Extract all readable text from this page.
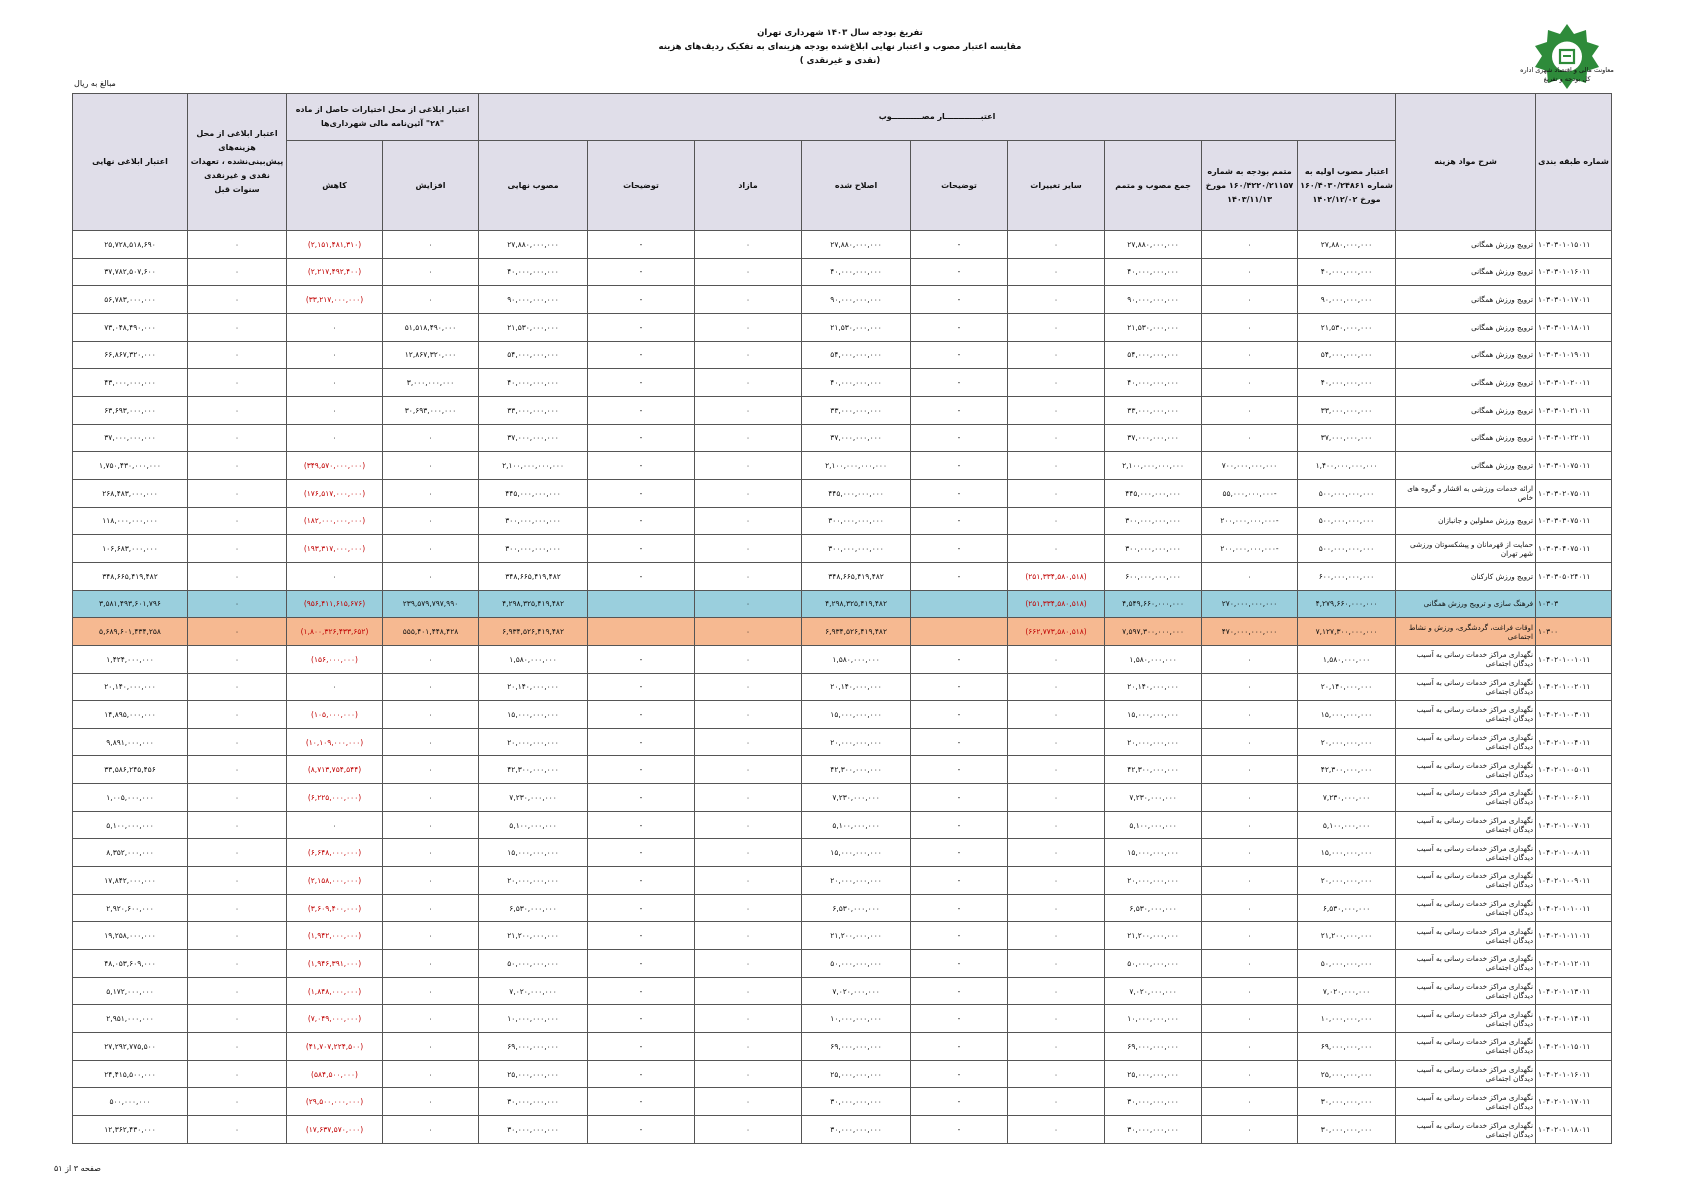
معاونت مالی و اقتصاد شهری اداره کل بودجه و تفریغ
تفریغ بودجه سال ۱۴۰۳ شهرداری تهران
مقایسه اعتبار مصوب و اعتبار نهایی ابلاغ‌شده بودجه هزینه‌ای به تفکیک ردیف‌های هزینه
(نقدی و غیرنقدی )
مبالغ به ریال
شماره طبقه بندی	شرح مواد هزینه	اعتبـــــــــــــار مصـــــــــــوب									اعتبار ابلاغی از محل اختیارات حاصل از ماده "۲۸" آئین‌نامه مالی شهرداری‌ها		اعتبار ابلاغی از محل هزینه‌های پیش‌بینی‌نشده ، تعهدات نقدی و غیرنقدی سنوات قبل	اعتبار ابلاغی نهایی
		اعتبار مصوب اولیه به شماره ۱۶۰/۴۰۳۰/۲۴۸۶۱ مورخ ۱۴۰۲/۱۲/۰۲	متمم بودجه به شماره ۱۶۰/۴۲۲۰/۲۱۱۵۷ مورخ ۱۴۰۳/۱۱/۱۳	جمع مصوب و متمم	سایر تغییرات	توضیحات	اصلاح شده	مازاد	توضیحات	مصوب نهایی	افزایش	کاهش		
۱۰۳۰۳۰۱۰۱۵۰۱۱	ترویج ورزش همگانی	۲۷,۸۸۰,۰۰۰,۰۰۰	۰	۲۷,۸۸۰,۰۰۰,۰۰۰	۰	-	۲۷,۸۸۰,۰۰۰,۰۰۰	۰	-	۲۷,۸۸۰,۰۰۰,۰۰۰	۰	(۲,۱۵۱,۴۸۱,۳۱۰)	۰	۲۵,۷۲۸,۵۱۸,۶۹۰
۱۰۳۰۳۰۱۰۱۶۰۱۱	ترویج ورزش همگانی	۴۰,۰۰۰,۰۰۰,۰۰۰	۰	۴۰,۰۰۰,۰۰۰,۰۰۰	۰	-	۴۰,۰۰۰,۰۰۰,۰۰۰	۰	-	۴۰,۰۰۰,۰۰۰,۰۰۰	۰	(۲,۲۱۷,۴۹۲,۴۰۰)	۰	۳۷,۷۸۲,۵۰۷,۶۰۰
۱۰۳۰۳۰۱۰۱۷۰۱۱	ترویج ورزش همگانی	۹۰,۰۰۰,۰۰۰,۰۰۰	۰	۹۰,۰۰۰,۰۰۰,۰۰۰	۰	-	۹۰,۰۰۰,۰۰۰,۰۰۰	۰	-	۹۰,۰۰۰,۰۰۰,۰۰۰	۰	(۳۳,۲۱۷,۰۰۰,۰۰۰)	۰	۵۶,۷۸۳,۰۰۰,۰۰۰
۱۰۳۰۳۰۱۰۱۸۰۱۱	ترویج ورزش همگانی	۲۱,۵۳۰,۰۰۰,۰۰۰	۰	۲۱,۵۳۰,۰۰۰,۰۰۰	۰	-	۲۱,۵۳۰,۰۰۰,۰۰۰	۰	-	۲۱,۵۳۰,۰۰۰,۰۰۰	۵۱,۵۱۸,۴۹۰,۰۰۰	۰	۰	۷۳,۰۴۸,۴۹۰,۰۰۰
۱۰۳۰۳۰۱۰۱۹۰۱۱	ترویج ورزش همگانی	۵۴,۰۰۰,۰۰۰,۰۰۰	۰	۵۴,۰۰۰,۰۰۰,۰۰۰	۰	-	۵۴,۰۰۰,۰۰۰,۰۰۰	۰	-	۵۴,۰۰۰,۰۰۰,۰۰۰	۱۲,۸۶۷,۳۲۰,۰۰۰	۰	۰	۶۶,۸۶۷,۳۲۰,۰۰۰
۱۰۳۰۳۰۱۰۲۰۰۱۱	ترویج ورزش همگانی	۴۰,۰۰۰,۰۰۰,۰۰۰	۰	۴۰,۰۰۰,۰۰۰,۰۰۰	۰	-	۴۰,۰۰۰,۰۰۰,۰۰۰	۰	-	۴۰,۰۰۰,۰۰۰,۰۰۰	۳,۰۰۰,۰۰۰,۰۰۰	۰	۰	۴۳,۰۰۰,۰۰۰,۰۰۰
۱۰۳۰۳۰۱۰۲۱۰۱۱	ترویج ورزش همگانی	۳۳,۰۰۰,۰۰۰,۰۰۰	۰	۳۳,۰۰۰,۰۰۰,۰۰۰	۰	-	۳۳,۰۰۰,۰۰۰,۰۰۰	۰	-	۳۳,۰۰۰,۰۰۰,۰۰۰	۳۰,۶۹۳,۰۰۰,۰۰۰	۰	۰	۶۳,۶۹۳,۰۰۰,۰۰۰
۱۰۳۰۳۰۱۰۲۲۰۱۱	ترویج ورزش همگانی	۳۷,۰۰۰,۰۰۰,۰۰۰	۰	۳۷,۰۰۰,۰۰۰,۰۰۰	۰	-	۳۷,۰۰۰,۰۰۰,۰۰۰	۰	-	۳۷,۰۰۰,۰۰۰,۰۰۰	۰	۰	۰	۳۷,۰۰۰,۰۰۰,۰۰۰
۱۰۳۰۳۰۱۰۷۵۰۱۱	ترویج ورزش همگانی	۱,۴۰۰,۰۰۰,۰۰۰,۰۰۰	۷۰۰,۰۰۰,۰۰۰,۰۰۰	۲,۱۰۰,۰۰۰,۰۰۰,۰۰۰	۰	-	۲,۱۰۰,۰۰۰,۰۰۰,۰۰۰	۰	-	۲,۱۰۰,۰۰۰,۰۰۰,۰۰۰	۰	(۳۴۹,۵۷۰,۰۰۰,۰۰۰)	۰	۱,۷۵۰,۴۳۰,۰۰۰,۰۰۰
۱۰۳۰۳۰۲۰۷۵۰۱۱	ارائه خدمات ورزشی به اقشار و گروه های خاص	۵۰۰,۰۰۰,۰۰۰,۰۰۰	-۵۵,۰۰۰,۰۰۰,۰۰۰	۴۴۵,۰۰۰,۰۰۰,۰۰۰	۰	-	۴۴۵,۰۰۰,۰۰۰,۰۰۰	۰	-	۴۴۵,۰۰۰,۰۰۰,۰۰۰	۰	(۱۷۶,۵۱۷,۰۰۰,۰۰۰)	۰	۲۶۸,۴۸۳,۰۰۰,۰۰۰
۱۰۳۰۳۰۳۰۷۵۰۱۱	ترویج ورزش معلولین و جانبازان	۵۰۰,۰۰۰,۰۰۰,۰۰۰	-۲۰۰,۰۰۰,۰۰۰,۰۰۰	۳۰۰,۰۰۰,۰۰۰,۰۰۰	۰	-	۳۰۰,۰۰۰,۰۰۰,۰۰۰	۰	-	۳۰۰,۰۰۰,۰۰۰,۰۰۰	۰	(۱۸۲,۰۰۰,۰۰۰,۰۰۰)	۰	۱۱۸,۰۰۰,۰۰۰,۰۰۰
۱۰۳۰۳۰۴۰۷۵۰۱۱	حمایت از قهرمانان و پیشکسوتان ورزشی شهر تهران	۵۰۰,۰۰۰,۰۰۰,۰۰۰	-۲۰۰,۰۰۰,۰۰۰,۰۰۰	۳۰۰,۰۰۰,۰۰۰,۰۰۰	۰	-	۳۰۰,۰۰۰,۰۰۰,۰۰۰	۰	-	۳۰۰,۰۰۰,۰۰۰,۰۰۰	۰	(۱۹۳,۳۱۷,۰۰۰,۰۰۰)	۰	۱۰۶,۶۸۳,۰۰۰,۰۰۰
۱۰۳۰۳۰۵۰۲۴۰۱۱	ترویج ورزش کارکنان	۶۰۰,۰۰۰,۰۰۰,۰۰۰	۰	۶۰۰,۰۰۰,۰۰۰,۰۰۰	(۲۵۱,۳۳۴,۵۸۰,۵۱۸)	-	۳۴۸,۶۶۵,۴۱۹,۴۸۲	۰	-	۳۴۸,۶۶۵,۴۱۹,۴۸۲	۰	۰	۰	۳۴۸,۶۶۵,۴۱۹,۴۸۲
۱۰۳۰۳	فرهنگ سازی و ترویج ورزش همگانی	۴,۲۷۹,۶۶۰,۰۰۰,۰۰۰	۲۷۰,۰۰۰,۰۰۰,۰۰۰	۴,۵۴۹,۶۶۰,۰۰۰,۰۰۰	(۲۵۱,۳۳۴,۵۸۰,۵۱۸)		۴,۲۹۸,۳۲۵,۴۱۹,۴۸۲	۰		۴,۲۹۸,۳۲۵,۴۱۹,۴۸۲	۲۳۹,۵۷۹,۷۹۷,۹۹۰	(۹۵۶,۴۱۱,۶۱۵,۶۷۶)	۰	۳,۵۸۱,۴۹۳,۶۰۱,۷۹۶
۱۰۳۰۰	اوقات فراغت، گردشگری، ورزش و نشاط اجتماعی	۷,۱۲۷,۳۰۰,۰۰۰,۰۰۰	۴۷۰,۰۰۰,۰۰۰,۰۰۰	۷,۵۹۷,۳۰۰,۰۰۰,۰۰۰	(۶۶۲,۷۷۳,۵۸۰,۵۱۸)		۶,۹۳۴,۵۲۶,۴۱۹,۴۸۲	۰		۶,۹۳۴,۵۲۶,۴۱۹,۴۸۲	۵۵۵,۴۰۱,۴۴۸,۴۲۸	(۱,۸۰۰,۳۲۶,۴۳۳,۶۵۲)	۰	۵,۶۸۹,۶۰۱,۴۳۴,۲۵۸
۱۰۴۰۲۰۱۰۰۱۰۱۱	نگهداری مراکز خدمات رسانی به آسیب دیدگان اجتماعی	۱,۵۸۰,۰۰۰,۰۰۰	۰	۱,۵۸۰,۰۰۰,۰۰۰	۰	-	۱,۵۸۰,۰۰۰,۰۰۰	۰	-	۱,۵۸۰,۰۰۰,۰۰۰	۰	(۱۵۶,۰۰۰,۰۰۰)	۰	۱,۴۲۴,۰۰۰,۰۰۰
۱۰۴۰۲۰۱۰۰۲۰۱۱	نگهداری مراکز خدمات رسانی به آسیب دیدگان اجتماعی	۲۰,۱۴۰,۰۰۰,۰۰۰	۰	۲۰,۱۴۰,۰۰۰,۰۰۰	۰	-	۲۰,۱۴۰,۰۰۰,۰۰۰	۰	-	۲۰,۱۴۰,۰۰۰,۰۰۰	۰	۰	۰	۲۰,۱۴۰,۰۰۰,۰۰۰
۱۰۴۰۲۰۱۰۰۳۰۱۱	نگهداری مراکز خدمات رسانی به آسیب دیدگان اجتماعی	۱۵,۰۰۰,۰۰۰,۰۰۰	۰	۱۵,۰۰۰,۰۰۰,۰۰۰	۰	-	۱۵,۰۰۰,۰۰۰,۰۰۰	۰	-	۱۵,۰۰۰,۰۰۰,۰۰۰	۰	(۱۰۵,۰۰۰,۰۰۰)	۰	۱۴,۸۹۵,۰۰۰,۰۰۰
۱۰۴۰۲۰۱۰۰۴۰۱۱	نگهداری مراکز خدمات رسانی به آسیب دیدگان اجتماعی	۲۰,۰۰۰,۰۰۰,۰۰۰	۰	۲۰,۰۰۰,۰۰۰,۰۰۰	۰	-	۲۰,۰۰۰,۰۰۰,۰۰۰	۰	-	۲۰,۰۰۰,۰۰۰,۰۰۰	۰	(۱۰,۱۰۹,۰۰۰,۰۰۰)	۰	۹,۸۹۱,۰۰۰,۰۰۰
۱۰۴۰۲۰۱۰۰۵۰۱۱	نگهداری مراکز خدمات رسانی به آسیب دیدگان اجتماعی	۴۲,۳۰۰,۰۰۰,۰۰۰	۰	۴۲,۳۰۰,۰۰۰,۰۰۰	۰	-	۴۲,۳۰۰,۰۰۰,۰۰۰	۰	-	۴۲,۳۰۰,۰۰۰,۰۰۰	۰	(۸,۷۱۳,۷۵۴,۵۴۴)	۰	۳۳,۵۸۶,۲۴۵,۴۵۶
۱۰۴۰۲۰۱۰۰۶۰۱۱	نگهداری مراکز خدمات رسانی به آسیب دیدگان اجتماعی	۷,۲۳۰,۰۰۰,۰۰۰	۰	۷,۲۳۰,۰۰۰,۰۰۰	۰	-	۷,۲۳۰,۰۰۰,۰۰۰	۰	-	۷,۲۳۰,۰۰۰,۰۰۰	۰	(۶,۲۲۵,۰۰۰,۰۰۰)	۰	۱,۰۰۵,۰۰۰,۰۰۰
۱۰۴۰۲۰۱۰۰۷۰۱۱	نگهداری مراکز خدمات رسانی به آسیب دیدگان اجتماعی	۵,۱۰۰,۰۰۰,۰۰۰	۰	۵,۱۰۰,۰۰۰,۰۰۰	۰	-	۵,۱۰۰,۰۰۰,۰۰۰	۰	-	۵,۱۰۰,۰۰۰,۰۰۰	۰	۰	۰	۵,۱۰۰,۰۰۰,۰۰۰
۱۰۴۰۲۰۱۰۰۸۰۱۱	نگهداری مراکز خدمات رسانی به آسیب دیدگان اجتماعی	۱۵,۰۰۰,۰۰۰,۰۰۰	۰	۱۵,۰۰۰,۰۰۰,۰۰۰	۰	-	۱۵,۰۰۰,۰۰۰,۰۰۰	۰	-	۱۵,۰۰۰,۰۰۰,۰۰۰	۰	(۶,۶۴۸,۰۰۰,۰۰۰)	۰	۸,۳۵۲,۰۰۰,۰۰۰
۱۰۴۰۲۰۱۰۰۹۰۱۱	نگهداری مراکز خدمات رسانی به آسیب دیدگان اجتماعی	۲۰,۰۰۰,۰۰۰,۰۰۰	۰	۲۰,۰۰۰,۰۰۰,۰۰۰	۰	-	۲۰,۰۰۰,۰۰۰,۰۰۰	۰	-	۲۰,۰۰۰,۰۰۰,۰۰۰	۰	(۲,۱۵۸,۰۰۰,۰۰۰)	۰	۱۷,۸۴۲,۰۰۰,۰۰۰
۱۰۴۰۲۰۱۰۱۰۰۱۱	نگهداری مراکز خدمات رسانی به آسیب دیدگان اجتماعی	۶,۵۳۰,۰۰۰,۰۰۰	۰	۶,۵۳۰,۰۰۰,۰۰۰	۰	-	۶,۵۳۰,۰۰۰,۰۰۰	۰	-	۶,۵۳۰,۰۰۰,۰۰۰	۰	(۳,۶۰۹,۴۰۰,۰۰۰)	۰	۲,۹۲۰,۶۰۰,۰۰۰
۱۰۴۰۲۰۱۰۱۱۰۱۱	نگهداری مراکز خدمات رسانی به آسیب دیدگان اجتماعی	۲۱,۲۰۰,۰۰۰,۰۰۰	۰	۲۱,۲۰۰,۰۰۰,۰۰۰	۰	-	۲۱,۲۰۰,۰۰۰,۰۰۰	۰	-	۲۱,۲۰۰,۰۰۰,۰۰۰	۰	(۱,۹۴۲,۰۰۰,۰۰۰)	۰	۱۹,۲۵۸,۰۰۰,۰۰۰
۱۰۴۰۲۰۱۰۱۲۰۱۱	نگهداری مراکز خدمات رسانی به آسیب دیدگان اجتماعی	۵۰,۰۰۰,۰۰۰,۰۰۰	۰	۵۰,۰۰۰,۰۰۰,۰۰۰	۰	-	۵۰,۰۰۰,۰۰۰,۰۰۰	۰	-	۵۰,۰۰۰,۰۰۰,۰۰۰	۰	(۱,۹۴۶,۳۹۱,۰۰۰)	۰	۴۸,۰۵۳,۶۰۹,۰۰۰
۱۰۴۰۲۰۱۰۱۳۰۱۱	نگهداری مراکز خدمات رسانی به آسیب دیدگان اجتماعی	۷,۰۲۰,۰۰۰,۰۰۰	۰	۷,۰۲۰,۰۰۰,۰۰۰	۰	-	۷,۰۲۰,۰۰۰,۰۰۰	۰	-	۷,۰۲۰,۰۰۰,۰۰۰	۰	(۱,۸۴۸,۰۰۰,۰۰۰)	۰	۵,۱۷۲,۰۰۰,۰۰۰
۱۰۴۰۲۰۱۰۱۴۰۱۱	نگهداری مراکز خدمات رسانی به آسیب دیدگان اجتماعی	۱۰,۰۰۰,۰۰۰,۰۰۰	۰	۱۰,۰۰۰,۰۰۰,۰۰۰	۰	-	۱۰,۰۰۰,۰۰۰,۰۰۰	۰	-	۱۰,۰۰۰,۰۰۰,۰۰۰	۰	(۷,۰۴۹,۰۰۰,۰۰۰)	۰	۲,۹۵۱,۰۰۰,۰۰۰
۱۰۴۰۲۰۱۰۱۵۰۱۱	نگهداری مراکز خدمات رسانی به آسیب دیدگان اجتماعی	۶۹,۰۰۰,۰۰۰,۰۰۰	۰	۶۹,۰۰۰,۰۰۰,۰۰۰	۰	-	۶۹,۰۰۰,۰۰۰,۰۰۰	۰	-	۶۹,۰۰۰,۰۰۰,۰۰۰	۰	(۴۱,۷۰۷,۲۲۴,۵۰۰)	۰	۲۷,۲۹۲,۷۷۵,۵۰۰
۱۰۴۰۲۰۱۰۱۶۰۱۱	نگهداری مراکز خدمات رسانی به آسیب دیدگان اجتماعی	۲۵,۰۰۰,۰۰۰,۰۰۰	۰	۲۵,۰۰۰,۰۰۰,۰۰۰	۰	-	۲۵,۰۰۰,۰۰۰,۰۰۰	۰	-	۲۵,۰۰۰,۰۰۰,۰۰۰	۰	(۵۸۴,۵۰۰,۰۰۰)	۰	۲۴,۴۱۵,۵۰۰,۰۰۰
۱۰۴۰۲۰۱۰۱۷۰۱۱	نگهداری مراکز خدمات رسانی به آسیب دیدگان اجتماعی	۳۰,۰۰۰,۰۰۰,۰۰۰	۰	۳۰,۰۰۰,۰۰۰,۰۰۰	۰	-	۳۰,۰۰۰,۰۰۰,۰۰۰	۰	-	۳۰,۰۰۰,۰۰۰,۰۰۰	۰	(۲۹,۵۰۰,۰۰۰,۰۰۰)	۰	۵۰۰,۰۰۰,۰۰۰
۱۰۴۰۲۰۱۰۱۸۰۱۱	نگهداری مراکز خدمات رسانی به آسیب دیدگان اجتماعی	۳۰,۰۰۰,۰۰۰,۰۰۰	۰	۳۰,۰۰۰,۰۰۰,۰۰۰	۰	-	۳۰,۰۰۰,۰۰۰,۰۰۰	۰	-	۳۰,۰۰۰,۰۰۰,۰۰۰	۰	(۱۷,۶۳۷,۵۷۰,۰۰۰)	۰	۱۲,۳۶۲,۴۳۰,۰۰۰
صفحه ۳ از ۵۱
